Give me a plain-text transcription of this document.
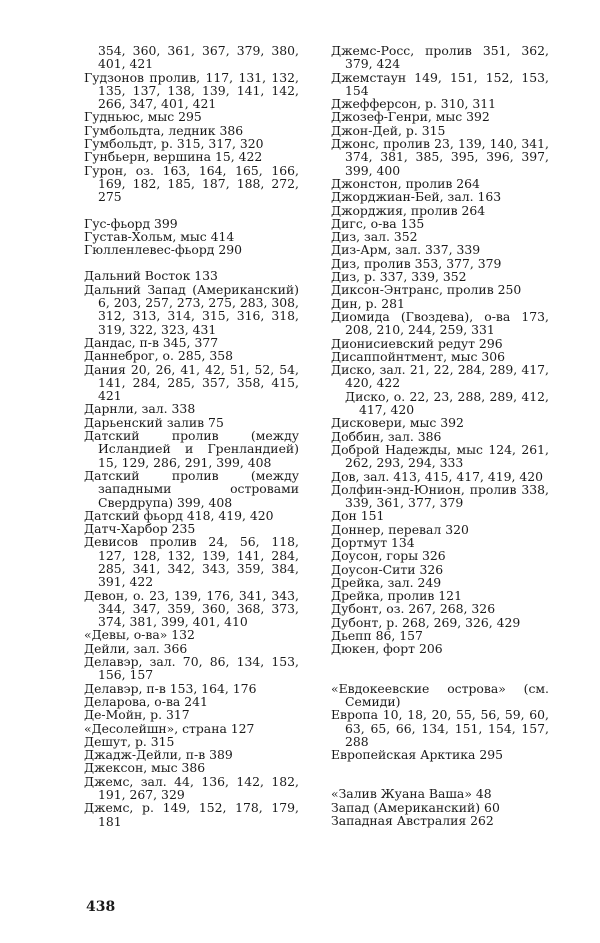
354, 360, 361, 367, 379, 380, 401, 421

Гудзонов пролив, 117, 131, 132, 135, 137, 138, 139, 141, 142, 266, 347, 401, 421

Гудньюс, мыс 295

Гумбольдта, ледник 386

Гумбольдт, р. 315, 317, 320

Гунбьерн, вершина 15, 422

Гурон, оз. 163, 164, 165, 166, 169, 182, 185, 187, 188, 272, 275

Гус-фьорд 399

Густав-Хольм, мыс 414

Гюлленлевес-фьорд 290

Дальний Восток 133

Дальний Запад (Американский) 6, 203, 257, 273, 275, 283, 308, 312, 313, 314, 315, 316, 318, 319, 322, 323, 431

Дандас, п-в 345, 377

Даннеброг, о. 285, 358

Дания 20, 26, 41, 42, 51, 52, 54, 141, 284, 285, 357, 358, 415, 421

Дарнли, зал. 338

Дарьенский залив 75

Датский пролив (между Исландией и Гренландией) 15, 129, 286, 291, 399, 408

Датский пролив (между западными островами Свердрупа) 399, 408

Датский фьорд 418, 419, 420

Датч-Харбор 235

Девисов пролив 24, 56, 118, 127, 128, 132, 139, 141, 284, 285, 341, 342, 343, 359, 384, 391, 422

Девон, о. 23, 139, 176, 341, 343, 344, 347, 359, 360, 368, 373, 374, 381, 399, 401, 410

«Девы, о-ва» 132

Дейли, зал. 366

Делавэр, зал. 70, 86, 134, 153, 156, 157

Делавэр, п-в 153, 164, 176

Деларова, о-ва 241

Де-Мойн, р. 317

«Десолейшн», страна 127

Дешут, р. 315

Джадж-Дейли, п-в 389

Джексон, мыс 386

Джемс, зал. 44, 136, 142, 182, 191, 267, 329

Джемс, р. 149, 152, 178, 179, 181

Джемс-Росс, пролив 351, 362, 379, 424

Джемстаун 149, 151, 152, 153, 154

Джефферсон, р. 310, 311

Джозеф-Генри, мыс 392

Джон-Дей, р. 315

Джонс, пролив 23, 139, 140, 341, 374, 381, 385, 395, 396, 397, 399, 400

Джонстон, пролив 264

Джорджиан-Бей, зал. 163

Джорджия, пролив 264

Дигс, о-ва 135

Диз, зал. 352

Диз-Арм, зал. 337, 339

Диз, пролив 353, 377, 379

Диз, р. 337, 339, 352

Диксон-Энтранс, пролив 250

Дин, р. 281

Диомида (Гвоздева), о-ва 173, 208, 210, 244, 259, 331

Дионисиевский редут 296

Дисаппойнтмент, мыс 306

Диско, зал. 21, 22, 284, 289, 417, 420, 422

Диско, о. 22, 23, 288, 289, 412, 417, 420

Дисковери, мыс 392

Доббин, зал. 386

Доброй Надежды, мыс 124, 261, 262, 293, 294, 333

Дов, зал. 413, 415, 417, 419, 420

Долфин-энд-Юнион, пролив 338, 339, 361, 377, 379

Дон 151

Доннер, перевал 320

Дортмут 134

Доусон, горы 326

Доусон-Сити 326

Дрейка, зал. 249

Дрейка, пролив 121

Дубонт, оз. 267, 268, 326

Дубонт, р. 268, 269, 326, 429

Дьепп 86, 157

Дюкен, форт 206

«Евдокеевские острова» (см. Семиди)

Европа 10, 18, 20, 55, 56, 59, 60, 63, 65, 66, 134, 151, 154, 157, 288

Европейская Арктика 295

«Залив Жуана Ваша» 48

Запад (Американский) 60

Западная Австралия 262

438
